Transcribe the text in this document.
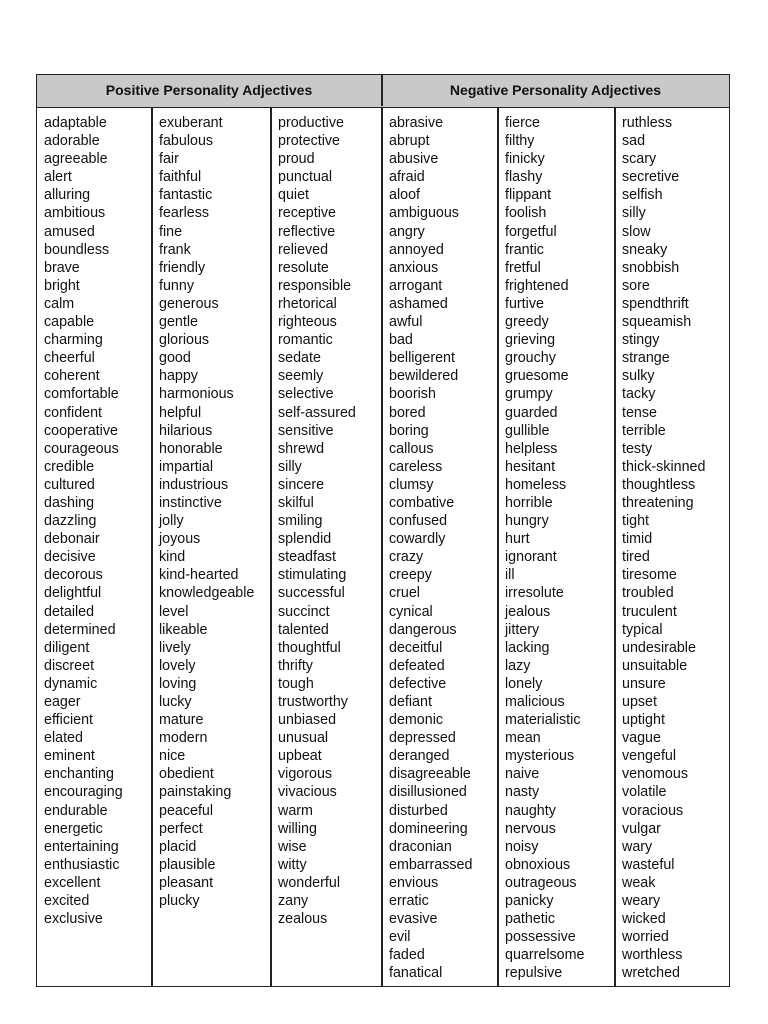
Positive Personality Adjectives	Negative Personality Adjectives
adaptable
adorable
agreeable
alert
alluring
ambitious
amused
boundless
brave
bright
calm
capable
charming
cheerful
coherent
comfortable
confident
cooperative
courageous
credible
cultured
dashing
dazzling
debonair
decisive
decorous
delightful
detailed
determined
diligent
discreet
dynamic
eager
efficient
elated
eminent
enchanting
encouraging
endurable
energetic
entertaining
enthusiastic
excellent
excited
exclusive
exuberant
fabulous
fair
faithful
fantastic
fearless
fine
frank
friendly
funny
generous
gentle
glorious
good
happy
harmonious
helpful
hilarious
honorable
impartial
industrious
instinctive
jolly
joyous
kind
kind-hearted
knowledgeable
level
likeable
lively
lovely
loving
lucky
mature
modern
nice
obedient
painstaking
peaceful
perfect
placid
plausible
pleasant
plucky
productive
protective
proud
punctual
quiet
receptive
reflective
relieved
resolute
responsible
rhetorical
righteous
romantic
sedate
seemly
selective
self-assured
sensitive
shrewd
silly
sincere
skilful
smiling
splendid
steadfast
stimulating
successful
succinct
talented
thoughtful
thrifty
tough
trustworthy
unbiased
unusual
upbeat
vigorous
vivacious
warm
willing
wise
witty
wonderful
zany
zealous
abrasive
abrupt
abusive
afraid
aloof
ambiguous
angry
annoyed
anxious
arrogant
ashamed
awful
bad
belligerent
bewildered
boorish
bored
boring
callous
careless
clumsy
combative
confused
cowardly
crazy
creepy
cruel
cynical
dangerous
deceitful
defeated
defective
defiant
demonic
depressed
deranged
disagreeable
disillusioned
disturbed
domineering
draconian
embarrassed
envious
erratic
evasive
evil
faded
fanatical
fierce
filthy
finicky
flashy
flippant
foolish
forgetful
frantic
fretful
frightened
furtive
greedy
grieving
grouchy
gruesome
grumpy
guarded
gullible
helpless
hesitant
homeless
horrible
hungry
hurt
ignorant
ill
irresolute
jealous
jittery
lacking
lazy
lonely
malicious
materialistic
mean
mysterious
naive
nasty
naughty
nervous
noisy
obnoxious
outrageous
panicky
pathetic
possessive
quarrelsome
repulsive
ruthless
sad
scary
secretive
selfish
silly
slow
sneaky
snobbish
sore
spendthrift
squeamish
stingy
strange
sulky
tacky
tense
terrible
testy
thick-skinned
thoughtless
threatening
tight
timid
tired
tiresome
troubled
truculent
typical
undesirable
unsuitable
unsure
upset
uptight
vague
vengeful
venomous
volatile
voracious
vulgar
wary
wasteful
weak
weary
wicked
worried
worthless
wretched
